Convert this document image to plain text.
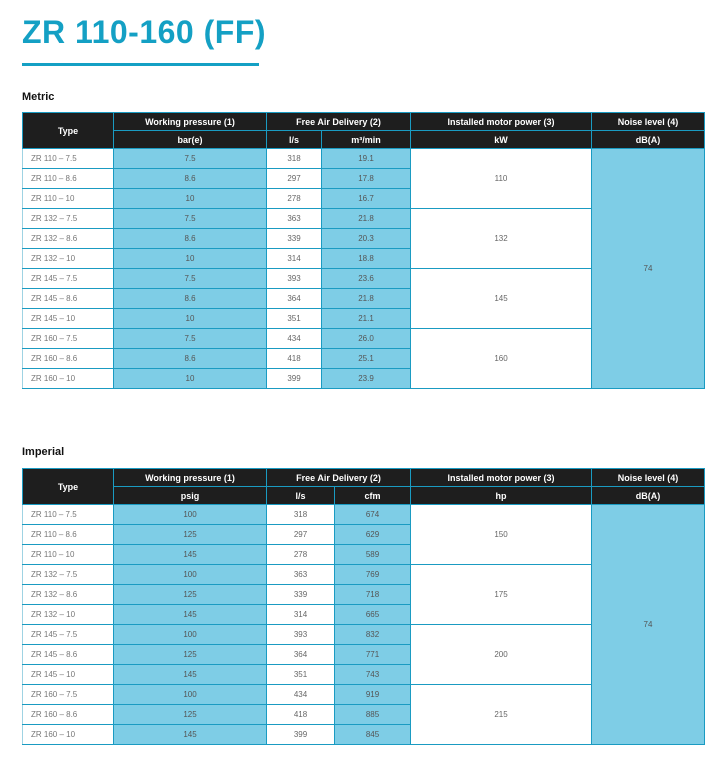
ZR 110-160 (FF)
Metric
Type	Working pressure (1)	Free Air Delivery (2)		Installed motor power (3)	Noise level (4)
	bar(e)	l/s	m³/min	kW	dB(A)
ZR 110 – 7.5	7.5	318	19.1	110	74
ZR 110 – 8.6	8.6	297	17.8		
ZR 110 – 10	10	278	16.7		
ZR 132 – 7.5	7.5	363	21.8	132	
ZR 132 – 8.6	8.6	339	20.3		
ZR 132 – 10	10	314	18.8		
ZR 145 – 7.5	7.5	393	23.6	145	
ZR 145 – 8.6	8.6	364	21.8		
ZR 145 – 10	10	351	21.1		
ZR 160 – 7.5	7.5	434	26.0	160	
ZR 160 – 8.6	8.6	418	25.1		
ZR 160 – 10	10	399	23.9		
Imperial
Type	Working pressure (1)	Free Air Delivery (2)		Installed motor power (3)	Noise level (4)
	psig	l/s	cfm	hp	dB(A)
ZR 110 – 7.5	100	318	674	150	74
ZR 110 – 8.6	125	297	629		
ZR 110 – 10	145	278	589		
ZR 132 – 7.5	100	363	769	175	
ZR 132 – 8.6	125	339	718		
ZR 132 – 10	145	314	665		
ZR 145 – 7.5	100	393	832	200	
ZR 145 – 8.6	125	364	771		
ZR 145 – 10	145	351	743		
ZR 160 – 7.5	100	434	919	215	
ZR 160 – 8.6	125	418	885		
ZR 160 – 10	145	399	845		
